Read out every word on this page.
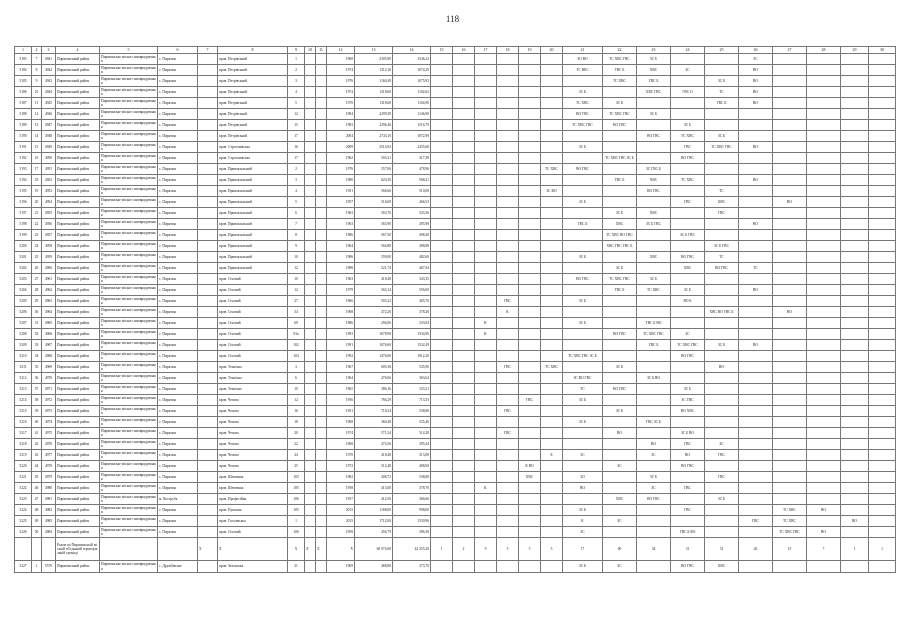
118
1	2	3	4	5	6	7	8	9	10	11	12	13	14	15	16	17	18	19	20	21	22	23	24	25	26	27	28	29	30
5183	7	4941	Пирятинський район	Пирятинське міське самоврядування	с. Пирятин		пров. Петрівський	1			1968	2305,90	1546,22							ЗО ВО	ТС ХВС ГВС	ЗС Б			ЗС				
5184	8	4942	Пирятинський район	Пирятинське міське самоврядування	с. Пирятин		пров. Петрівський	2			1974	1312,16	1074,29							ТС ВЕС	ГВС Б	ХВС	ЗС		ВО				
5185	9	4943	Пирятинський район	Пирятинське міське самоврядування	с. Пирятин		пров. Петрівський	3			1976	1160,49	1075,93								ТС ХВС	ГВС Б		ЗС Б	ВО				
5186	10	4944	Пирятинський район	Пирятинське міське самоврядування	с. Пирятин		пров. Петрівський	4			1974	1318,60	1102,62							ЗС Б		ХВС ГВС	ГВС О	ТС	ВО				
5187	11	4945	Пирятинський район	Пирятинське міське самоврядування	с. Пирятин		пров. Петрівський	5			1976	1318,68	1104,90							ТС ХВС	ЗС Б			ГВС Б	ВО				
5188	12	4946	Пирятинський район	Пирятинське міське самоврядування	с. Пирятин		пров. Петрівський	12			1984	2299,58	1146,90							ВО ГВС	ТС ХВС ГВС	ЗС Б							
5189	13	4947	Пирятинський район	Пирятинське міське самоврядування	с. Пирятин		пров. Петрівський	15			1983	2296,46	1516,79							ТС ХВС ГВС	ВО ГВС		ЗС Б						
5190	14	4948	Пирятинський район	Пирятинське міське самоврядування	с. Пирятин		пров. Петрівський	17			2004	2743,10	1872,90									ВО ГВС	ТС ХВС	ЗС Б					
5191	15	4949	Пирятинський район	Пирятинське міське самоврядування	с. Пирятин		пров. Строгонівська	16			2009	2514,92	2455,68							ЗС Б			ГВС	ТС ХВС ГВС	ВО				
5192	16	4950	Пирятинський район	Пирятинське міське самоврядування	с. Пирятин		пров. Строгонівська	17			1962	503,21	317,38								ТС ХВС ГВС ЗС Б		ВО ГВС						
5193	17	4951	Пирятинський район	Пирятинське міське самоврядування	с. Пирятин		пров. Привокзальний	2			1976	557,06	478,96						ТС ХВС	ВО ГВС		ЗС ГВС Б							
5194	18	4952	Пирятинський район	Пирятинське міське самоврядування	с. Пирятин		пров. Привокзальний	3			1980	623,50	568,41								ГВС Б	ХВС	ТС ХВС		ВО				
5195	19	4953	Пирятинський район	Пирятинське міське самоврядування	с. Пирятин		пров. Привокзальний	4			1951	566,66	510,08						ЗС ВО			ВО ГВС		ТС					
5196	20	4954	Пирятинський район	Пирятинське міське самоврядування	с. Пирятин		пров. Привокзальний	5			1957	516,00	466,53							ЗС Б			ГВС	ХВС		ВО			
5197	21	4955	Пирятинський район	Пирятинське міське самоврядування	с. Пирятин		пров. Привокзальний	6			1963	563,76	543,36								ЗС Б	ХВС		ГВС					
5198	22	4956	Пирятинський район	Пирятинське міське самоврядування	с. Пирятин		пров. Привокзальний	7			1963	563,90	495,98							ГВС Б	ХВС	ЗС Б ГВС			ВО				
5199	23	4957	Пирятинський район	Пирятинське міське самоврядування	с. Пирятин		пров. Привокзальний	8			1986	567,50	498,40								ТС ХВС ВО ГВС		ЗС Б ГВС						
5200	24	4958	Пирятинський район	Пирятинське міське самоврядування	с. Пирятин		пров. Привокзальний	9			1964	564,88	498,88								ХВС ГВС ГВС Б			ЗС Б ГВС					
5201	25	4959	Пирятинський район	Пирятинське міське самоврядування	с. Пирятин		пров. Привокзальний	10			1986	559,00	482,60							ЗС Б		ХВС	ВО ГВС	ТС					
5202	26	4960	Пирятинський район	Пирятинське міське самоврядування	с. Пирятин		пров. Привокзальний	12			1988	521,74	467,94								ЗС Б		ХВС	ВО ГВС	ТС				
5203	27	4961	Пирятинський район	Пирятинське міське самоврядування	с. Пирятин		пров. Січовий	10			1963	418,48	343,35							ВО ГВС	ТС ХВС ГВС	ЗС Б							
5204	28	4962	Пирятинський район	Пирятинське міське самоврядування	с. Пирятин		пров. Січовий	12			1979	563,14	556,00								ГВС Б	ТС ХВС	ЗС Б		ВО				
5205	29	4963	Пирятинський район	Пирятинське міське самоврядування	с. Пирятин		пров. Січовий	27			1966	503,22	405,70				ГВС			ЗС Б			ВО Б						
5206	30	4964	Пирятинський район	Пирятинське міське самоврядування	с. Пирятин		пров. Січовий	34			1968	472,20	378,20				К							ХВС ВО ГВС Б		ВО			
5207	31	4965	Пирятинський район	Пирятинське міське самоврядування	с. Пирятин		пров. Січовий	69			1986	294,06	233,04			К				ЗС Б		ГВС Б ВО							
5208	32	4966	Пирятинський район	Пирятинське міське самоврядування	с. Пирятин		пров. Січовий	93а			1993	1678,90	1534,90			К					ВО ГВС	ТС ХВС ГВС	ЗС						
5209	33	4967	Пирятинський район	Пирятинське міське самоврядування	с. Пирятин		пров. Січовий	102			1991	1676,60	1532,49									ГВС Б	ТС ХВС ГВС	ЗС Б	ВО				
5210	34	4968	Пирятинський район	Пирятинське міське самоврядування	с. Пирятин		пров. Січовий	104			1992	1476,00	1012,20							ТС ХВС ГВС ЗС Б			ВО ГВС						
5211	35	4969	Пирятинський район	Пирятинське міське самоврядування	с. Пирятин		пров. Технічна	3			1967	605,36	545,90				ГВС		ТС ХВС		ЗС Б			ВО					
5212	36	4970	Пирятинський район	Пирятинське міське самоврядування	с. Пирятин		пров. Технічна	6			1964	476,66	363,64							ЗС ВО ГВС		ЗС Б ВО							
5213	37	4971	Пирятинський район	Пирятинське міське самоврядування	с. Пирятин		пров. Технічна	10			1965	386,16	333,31							ТС	ВО ГВС		ЗС Б						
5214	38	4972	Пирятинський район	Пирятинське міське самоврядування	с. Пирятин		пров. Чехова	12			1956	766,29	713,55					ГВС		ЗС Б			ЗС ГВС						
5215	39	4973	Пирятинський район	Пирятинське міське самоврядування	с. Пирятин		пров. Чехова	16			1951	716,54	538,68				ГВС				ЗС Б		ВО ХВС						
5216	40	4974	Пирятинський район	Пирятинське міське самоврядування	с. Пирятин		пров. Чехова	18			1968	360,48	335,46							ЗС Б		ГВС ЗС Б							
5217	41	4975	Пирятинський район	Пирятинське міське самоврядування	с. Пирятин		пров. Чехова	20			1974	571,24	514,28				ГВС				ВО		ЗС Б ВО						
5218	42	4976	Пирятинський район	Пирятинське міське самоврядування	с. Пирятин		пров. Чехова	22			1968	474,56	395,44									ВО	ГВС	ЗС					
5219	43	4977	Пирятинський район	Пирятинське міське самоврядування	с. Пирятин		пров. Чехова	24			1970	418,48	313,08						Б	ЗС		ЗС	ВО	ГВС					
5220	44	4978	Пирятинський район	Пирятинське міське самоврядування	с. Пирятин		пров. Чехова	25			1972	512,48	408,68					К ВО			ЗС		ВО ГВС						
5221	45	4979	Пирятинський район	Пирятинське міське самоврядування	с. Пирятин		пров. Шевченка	103			1982	408,72	338,68					ХВС		ЗО		ЗС Б		ГВС					
5222	46	4980	Пирятинський район	Пирятинське міське самоврядування	с. Пирятин		пров. Шевченка	105			1958	413,00	378,70			К				ВО		ЗС	ГВС						
5223	47	4981	Пирятинський район	Пирятинське міське самоврядування	м. Коструба		пров. Професійна	106			1957	412,56	366,66								ХВС	ВО ГВС		ЗС Б					
5224	48	4982	Пирятинський район	Пирятинське міське самоврядування	с. Пирятин		пров. Пушкіна	105			2015	1168,00	998,00							ЗС Б			ГВС			ТС ХВС	ВО		
5225	49	4983	Пирятинський район	Пирятинське міське самоврядування	с. Пирятин		пров. Гоголівська	1			2015	1712,00	1530,96							К	ЗС				ГВС	ТС ХВС		ВО	
5226	50	4984	Пирятинський район	Пирятинське міське самоврядування	с. Пирятин		пров. Січовий	106			1958	456,79	396,38							ЗС			ГВС Б ВО			ТС ХВС ГВС	ВО		
			Разом по Пирятинській міській об'єднаній територіальній громаді			Х	Х	Х	Х	Х	Х	60 074,68	42 255,28	1	2	9	5	5	5	17	60	34	31	31	26	15	7	1	1
5227	1	5570	Пирятинський район	Пирятинське міське самоврядування	с. Дружбівське		пров. Зеленська	21			1969	468,80	373,70							ЗС Б	ЗС		ВО ГВС	ХВС					
